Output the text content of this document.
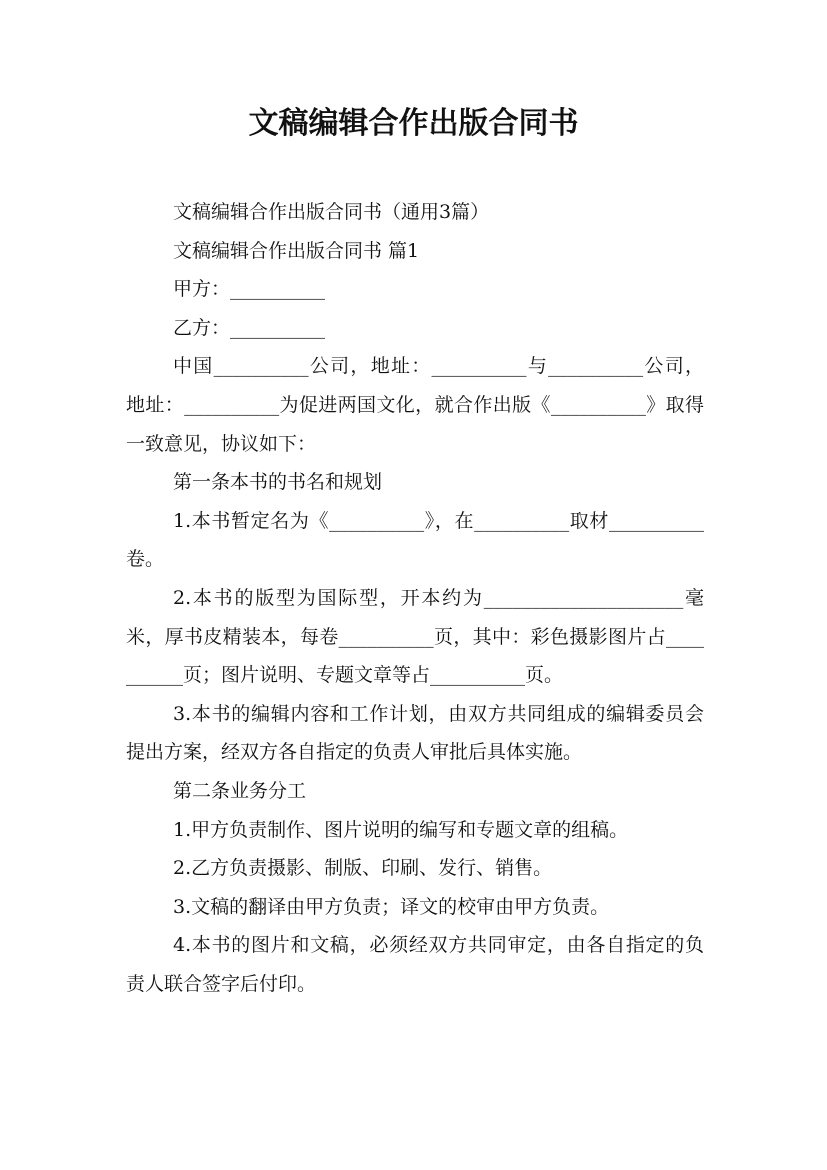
文稿编辑合作出版合同书

文稿编辑合作出版合同书（通用3篇）

文稿编辑合作出版合同书 篇1

甲方：__________

乙方：__________

中国__________公司，地址：__________与__________公司，地址：__________为促进两国文化，就合作出版《__________》取得一致意见，协议如下：

第一条本书的书名和规划

1.本书暂定名为《__________》，在__________取材__________卷。

2.本书的版型为国际型，开本约为_____________________毫米，厚书皮精装本，每卷__________页，其中：彩色摄影图片占__________页；图片说明、专题文章等占__________页。

3.本书的编辑内容和工作计划，由双方共同组成的编辑委员会提出方案，经双方各自指定的负责人审批后具体实施。

第二条业务分工

1.甲方负责制作、图片说明的编写和专题文章的组稿。

2.乙方负责摄影、制版、印刷、发行、销售。

3.文稿的翻译由甲方负责；译文的校审由甲方负责。

4.本书的图片和文稿，必须经双方共同审定，由各自指定的负责人联合签字后付印。
